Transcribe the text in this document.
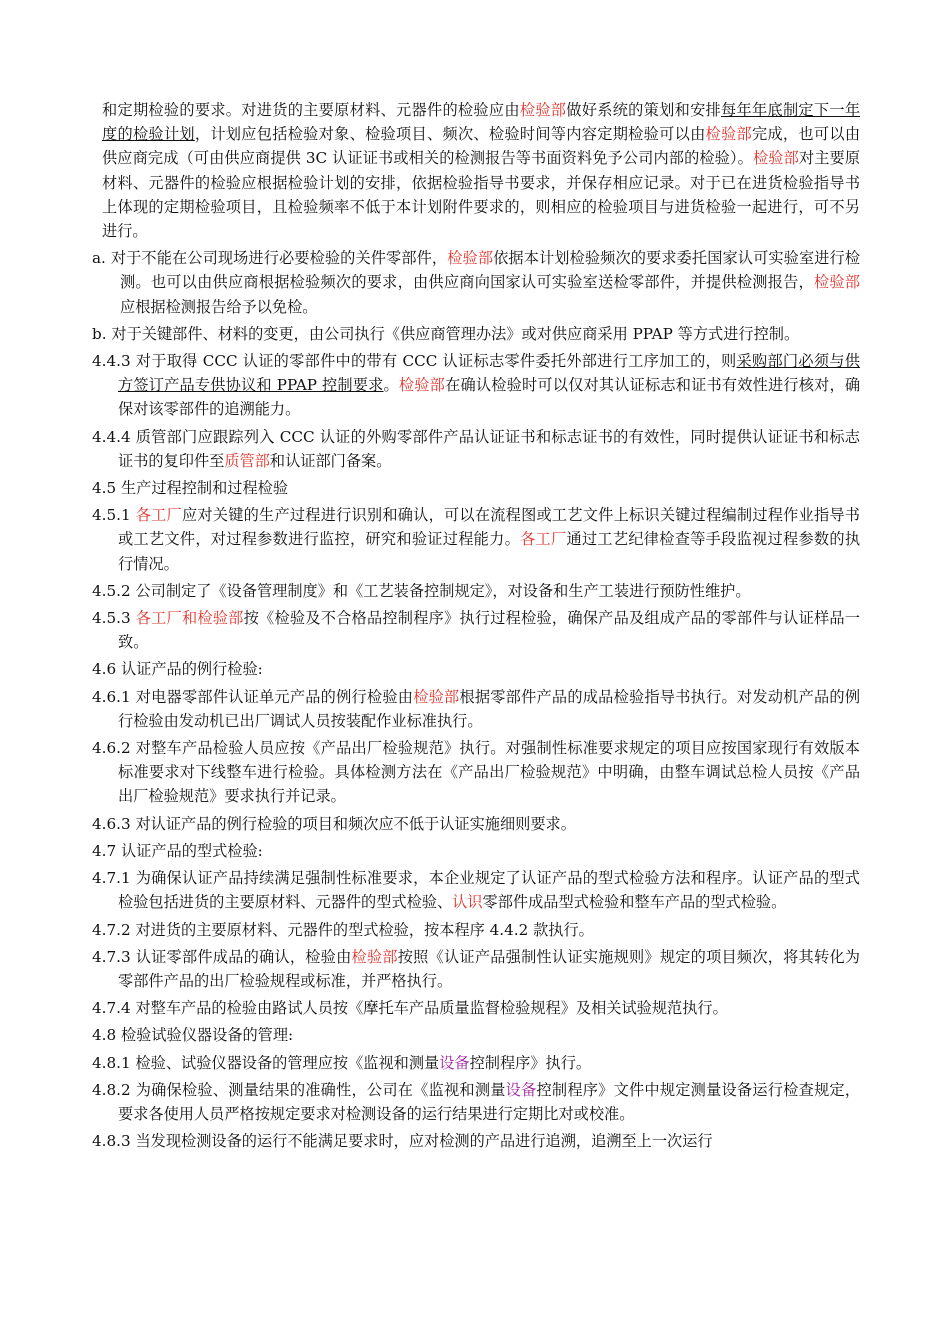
和定期检验的要求。对进货的主要原材料、元器件的检验应由检验部做好系统的策划和安排每年年底制定下一年度的检验计划，计划应包括检验对象、检验项目、频次、检验时间等内容定期检验可以由检验部完成，也可以由供应商完成（可由供应商提供 3C 认证证书或相关的检测报告等书面资料免予公司内部的检验）。检验部对主要原材料、元器件的检验应根据检验计划的安排，依据检验指导书要求，并保存相应记录。对于已在进货检验指导书上体现的定期检验项目，且检验频率不低于本计划附件要求的，则相应的检验项目与进货检验一起进行，可不另进行。

a. 对于不能在公司现场进行必要检验的关件零部件，检验部依据本计划检验频次的要求委托国家认可实验室进行检测。也可以由供应商根据检验频次的要求，由供应商向国家认可实验室送检零部件，并提供检测报告，检验部应根据检测报告给予以免检。

b. 对于关键部件、材料的变更，由公司执行《供应商管理办法》或对供应商采用 PPAP 等方式进行控制。

4.4.3 对于取得 CCC 认证的零部件中的带有 CCC 认证标志零件委托外部进行工序加工的，则采购部门必须与供方签订产品专供协议和 PPAP 控制要求。检验部在确认检验时可以仅对其认证标志和证书有效性进行核对，确保对该零部件的追溯能力。

4.4.4 质管部门应跟踪列入 CCC 认证的外购零部件产品认证证书和标志证书的有效性，同时提供认证证书和标志证书的复印件至质管部和认证部门备案。

4.5 生产过程控制和过程检验

4.5.1 各工厂应对关键的生产过程进行识别和确认，可以在流程图或工艺文件上标识关键过程编制过程作业指导书或工艺文件，对过程参数进行监控，研究和验证过程能力。各工厂通过工艺纪律检查等手段监视过程参数的执行情况。

4.5.2 公司制定了《设备管理制度》和《工艺装备控制规定》，对设备和生产工装进行预防性维护。

4.5.3 各工厂和检验部按《检验及不合格品控制程序》执行过程检验，确保产品及组成产品的零部件与认证样品一致。

4.6 认证产品的例行检验:

4.6.1 对电器零部件认证单元产品的例行检验由检验部根据零部件产品的成品检验指导书执行。对发动机产品的例行检验由发动机已出厂调试人员按装配作业标准执行。

4.6.2 对整车产品检验人员应按《产品出厂检验规范》执行。对强制性标准要求规定的项目应按国家现行有效版本标准要求对下线整车进行检验。具体检测方法在《产品出厂检验规范》中明确，由整车调试总检人员按《产品出厂检验规范》要求执行并记录。

4.6.3 对认证产品的例行检验的项目和频次应不低于认证实施细则要求。

4.7 认证产品的型式检验:

4.7.1 为确保认证产品持续满足强制性标准要求，本企业规定了认证产品的型式检验方法和程序。认证产品的型式检验包括进货的主要原材料、元器件的型式检验、认识零部件成品型式检验和整车产品的型式检验。

4.7.2 对进货的主要原材料、元器件的型式检验，按本程序 4.4.2 款执行。

4.7.3 认证零部件成品的确认，检验由检验部按照《认证产品强制性认证实施规则》规定的项目频次，将其转化为零部件产品的出厂检验规程或标准，并严格执行。

4.7.4 对整车产品的检验由路试人员按《摩托车产品质量监督检验规程》及相关试验规范执行。

4.8 检验试验仪器设备的管理:

4.8.1 检验、试验仪器设备的管理应按《监视和测量设备控制程序》执行。

4.8.2 为确保检验、测量结果的准确性，公司在《监视和测量设备控制程序》文件中规定测量设备运行检查规定，要求各使用人员严格按规定要求对检测设备的运行结果进行定期比对或校准。

4.8.3 当发现检测设备的运行不能满足要求时，应对检测的产品进行追溯，追溯至上一次运行
